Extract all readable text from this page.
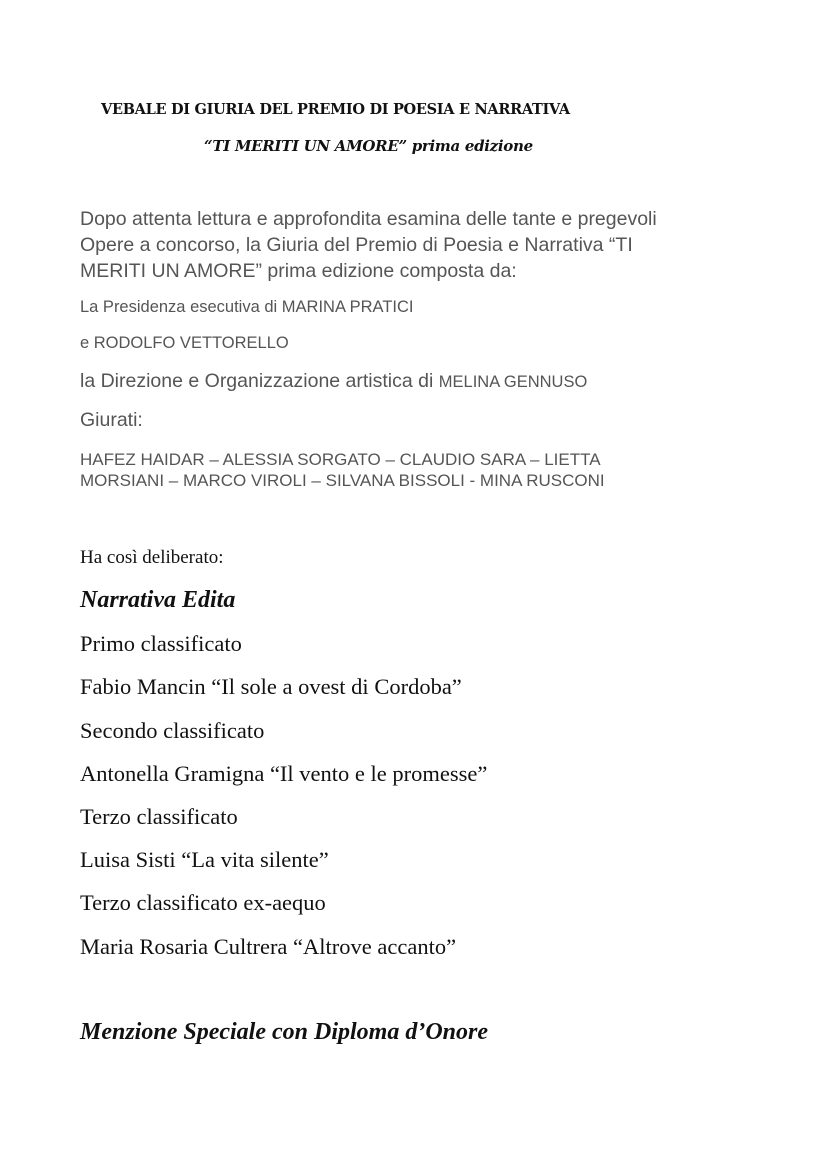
VEBALE DI GIURIA DEL PREMIO DI POESIA E NARRATIVA
“TI MERITI UN AMORE” prima edizione
Dopo attenta lettura e approfondita esamina delle tante e pregevoli
Opere a concorso, la Giuria del Premio di Poesia e Narrativa “TI
MERITI UN AMORE” prima edizione composta da:
La Presidenza esecutiva di MARINA PRATICI
e RODOLFO VETTORELLO
la Direzione e Organizzazione artistica di MELINA GENNUSO
Giurati:
HAFEZ HAIDAR – ALESSIA SORGATO – CLAUDIO SARA – LIETTA
MORSIANI – MARCO VIROLI – SILVANA BISSOLI - MINA RUSCONI
Ha così deliberato:
Narrativa Edita
Primo classificato
Fabio Mancin “Il sole a ovest di Cordoba”
Secondo classificato
Antonella Gramigna “Il vento e le promesse”
Terzo classificato
Luisa Sisti “La vita silente”
Terzo classificato ex-aequo
Maria Rosaria Cultrera “Altrove accanto”
Menzione Speciale con Diploma d’Onore
